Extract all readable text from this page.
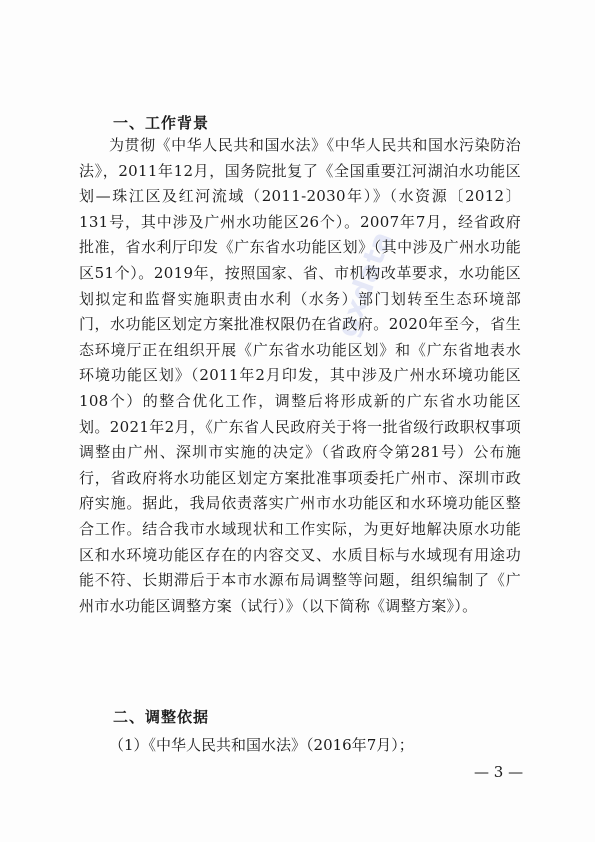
gxdata
一、工作背景
为贯彻《中华人民共和国水法》《中华人民共和国水污染防治法》，2011年12月，国务院批复了《全国重要江河湖泊水功能区划—珠江区及红河流域（2011-2030年）》（水资源〔2012〕131号，其中涉及广州水功能区26个）。2007年7月，经省政府批准，省水利厅印发《广东省水功能区划》（其中涉及广州水功能区51个）。2019年，按照国家、省、市机构改革要求，水功能区划拟定和监督实施职责由水利（水务）部门划转至生态环境部门，水功能区划定方案批准权限仍在省政府。2020年至今，省生态环境厅正在组织开展《广东省水功能区划》和《广东省地表水环境功能区划》（2011年2月印发，其中涉及广州水环境功能区108个）的整合优化工作，调整后将形成新的广东省水功能区划。2021年2月，《广东省人民政府关于将一批省级行政职权事项调整由广州、深圳市实施的决定》（省政府令第281号）公布施行，省政府将水功能区划定方案批准事项委托广州市、深圳市政府实施。据此，我局依责落实广州市水功能区和水环境功能区整合工作。结合我市水域现状和工作实际，为更好地解决原水功能区和水环境功能区存在的内容交叉、水质目标与水域现有用途功能不符、长期滞后于本市水源布局调整等问题，组织编制了《广州市水功能区调整方案（试行）》（以下简称《调整方案》）。
二、调整依据
（1）《中华人民共和国水法》（2016年7月）；
— 3 —
